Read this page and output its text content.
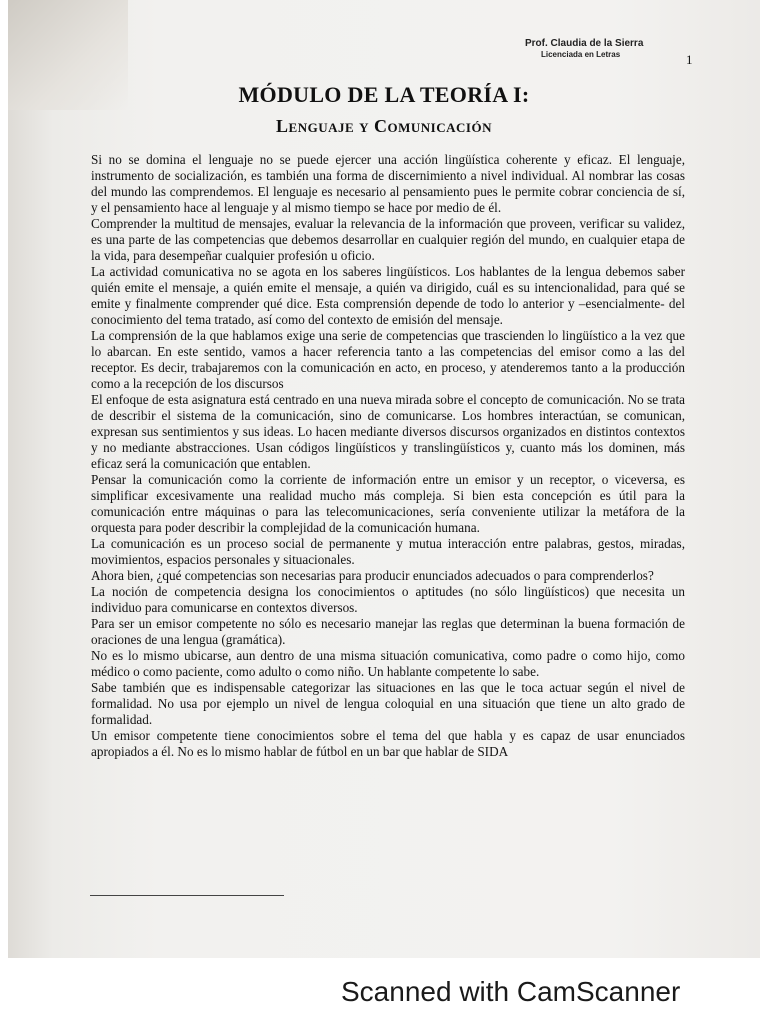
Prof. Claudia de la Sierra
Licenciada en Letras	1
MÓDULO DE LA TEORÍA I:
Lenguaje y Comunicación

Si no se domina el lenguaje no se puede ejercer una acción lingüística coherente y eficaz. El lenguaje, instrumento de socialización, es también una forma de discernimiento a nivel individual. Al nombrar las cosas del mundo las comprendemos. El lenguaje es necesario al pensamiento pues le permite cobrar conciencia de sí, y el pensamiento hace al lenguaje y al mismo tiempo se hace por medio de él.

Comprender la multitud de mensajes, evaluar la relevancia de la información que proveen, verificar su validez, es una parte de las competencias que debemos desarrollar en cualquier región del mundo, en cualquier etapa de la vida, para desempeñar cualquier profesión u oficio.

La actividad comunicativa no se agota en los saberes lingüísticos. Los hablantes de la lengua debemos saber quién emite el mensaje, a quién emite el mensaje, a quién va dirigido, cuál es su intencionalidad, para qué se emite y finalmente comprender qué dice. Esta comprensión depende de todo lo anterior y –esencialmente- del conocimiento del tema tratado, así como del contexto de emisión del mensaje.

La comprensión de la que hablamos exige una serie de competencias que trascienden lo lingüístico a la vez que lo abarcan. En este sentido, vamos a hacer referencia tanto a las competencias del emisor como a las del receptor. Es decir, trabajaremos con la comunicación en acto, en proceso, y atenderemos tanto a la producción como a la recepción de los discursos

El enfoque de esta asignatura está centrado en una nueva mirada sobre el concepto de comunicación. No se trata de describir el sistema de la comunicación, sino de comunicarse. Los hombres interactúan, se comunican, expresan sus sentimientos y sus ideas. Lo hacen mediante diversos discursos organizados en distintos contextos y no mediante abstracciones. Usan códigos lingüísticos y translingüísticos y, cuanto más los dominen, más eficaz será la comunicación que entablen.

Pensar la comunicación como la corriente de información entre un emisor y un receptor, o viceversa, es simplificar excesivamente una realidad mucho más compleja. Si bien esta concepción es útil para la comunicación entre máquinas o para las telecomunicaciones, sería conveniente utilizar la metáfora de la orquesta para poder describir la complejidad de la comunicación humana.

La comunicación es un proceso social de permanente y mutua interacción entre palabras, gestos, miradas, movimientos, espacios personales y situacionales.

Ahora bien, ¿qué competencias son necesarias para producir enunciados adecuados o para comprenderlos?

La noción de competencia designa los conocimientos o aptitudes (no sólo lingüísticos) que necesita un individuo para comunicarse en contextos diversos.

Para ser un emisor competente no sólo es necesario manejar las reglas que determinan la buena formación de oraciones de una lengua (gramática).

No es lo mismo ubicarse, aun dentro de una misma situación comunicativa, como padre o como hijo, como médico o como paciente, como adulto o como niño. Un hablante competente lo sabe.

Sabe también que es indispensable categorizar las situaciones en las que le toca actuar según el nivel de formalidad. No usa por ejemplo un nivel de lengua coloquial en una situación que tiene un alto grado de formalidad.

Un emisor competente tiene conocimientos sobre el tema del que habla y es capaz de usar enunciados apropiados a él. No es lo mismo hablar de fútbol en un bar que hablar de SIDA

Scanned with CamScanner
